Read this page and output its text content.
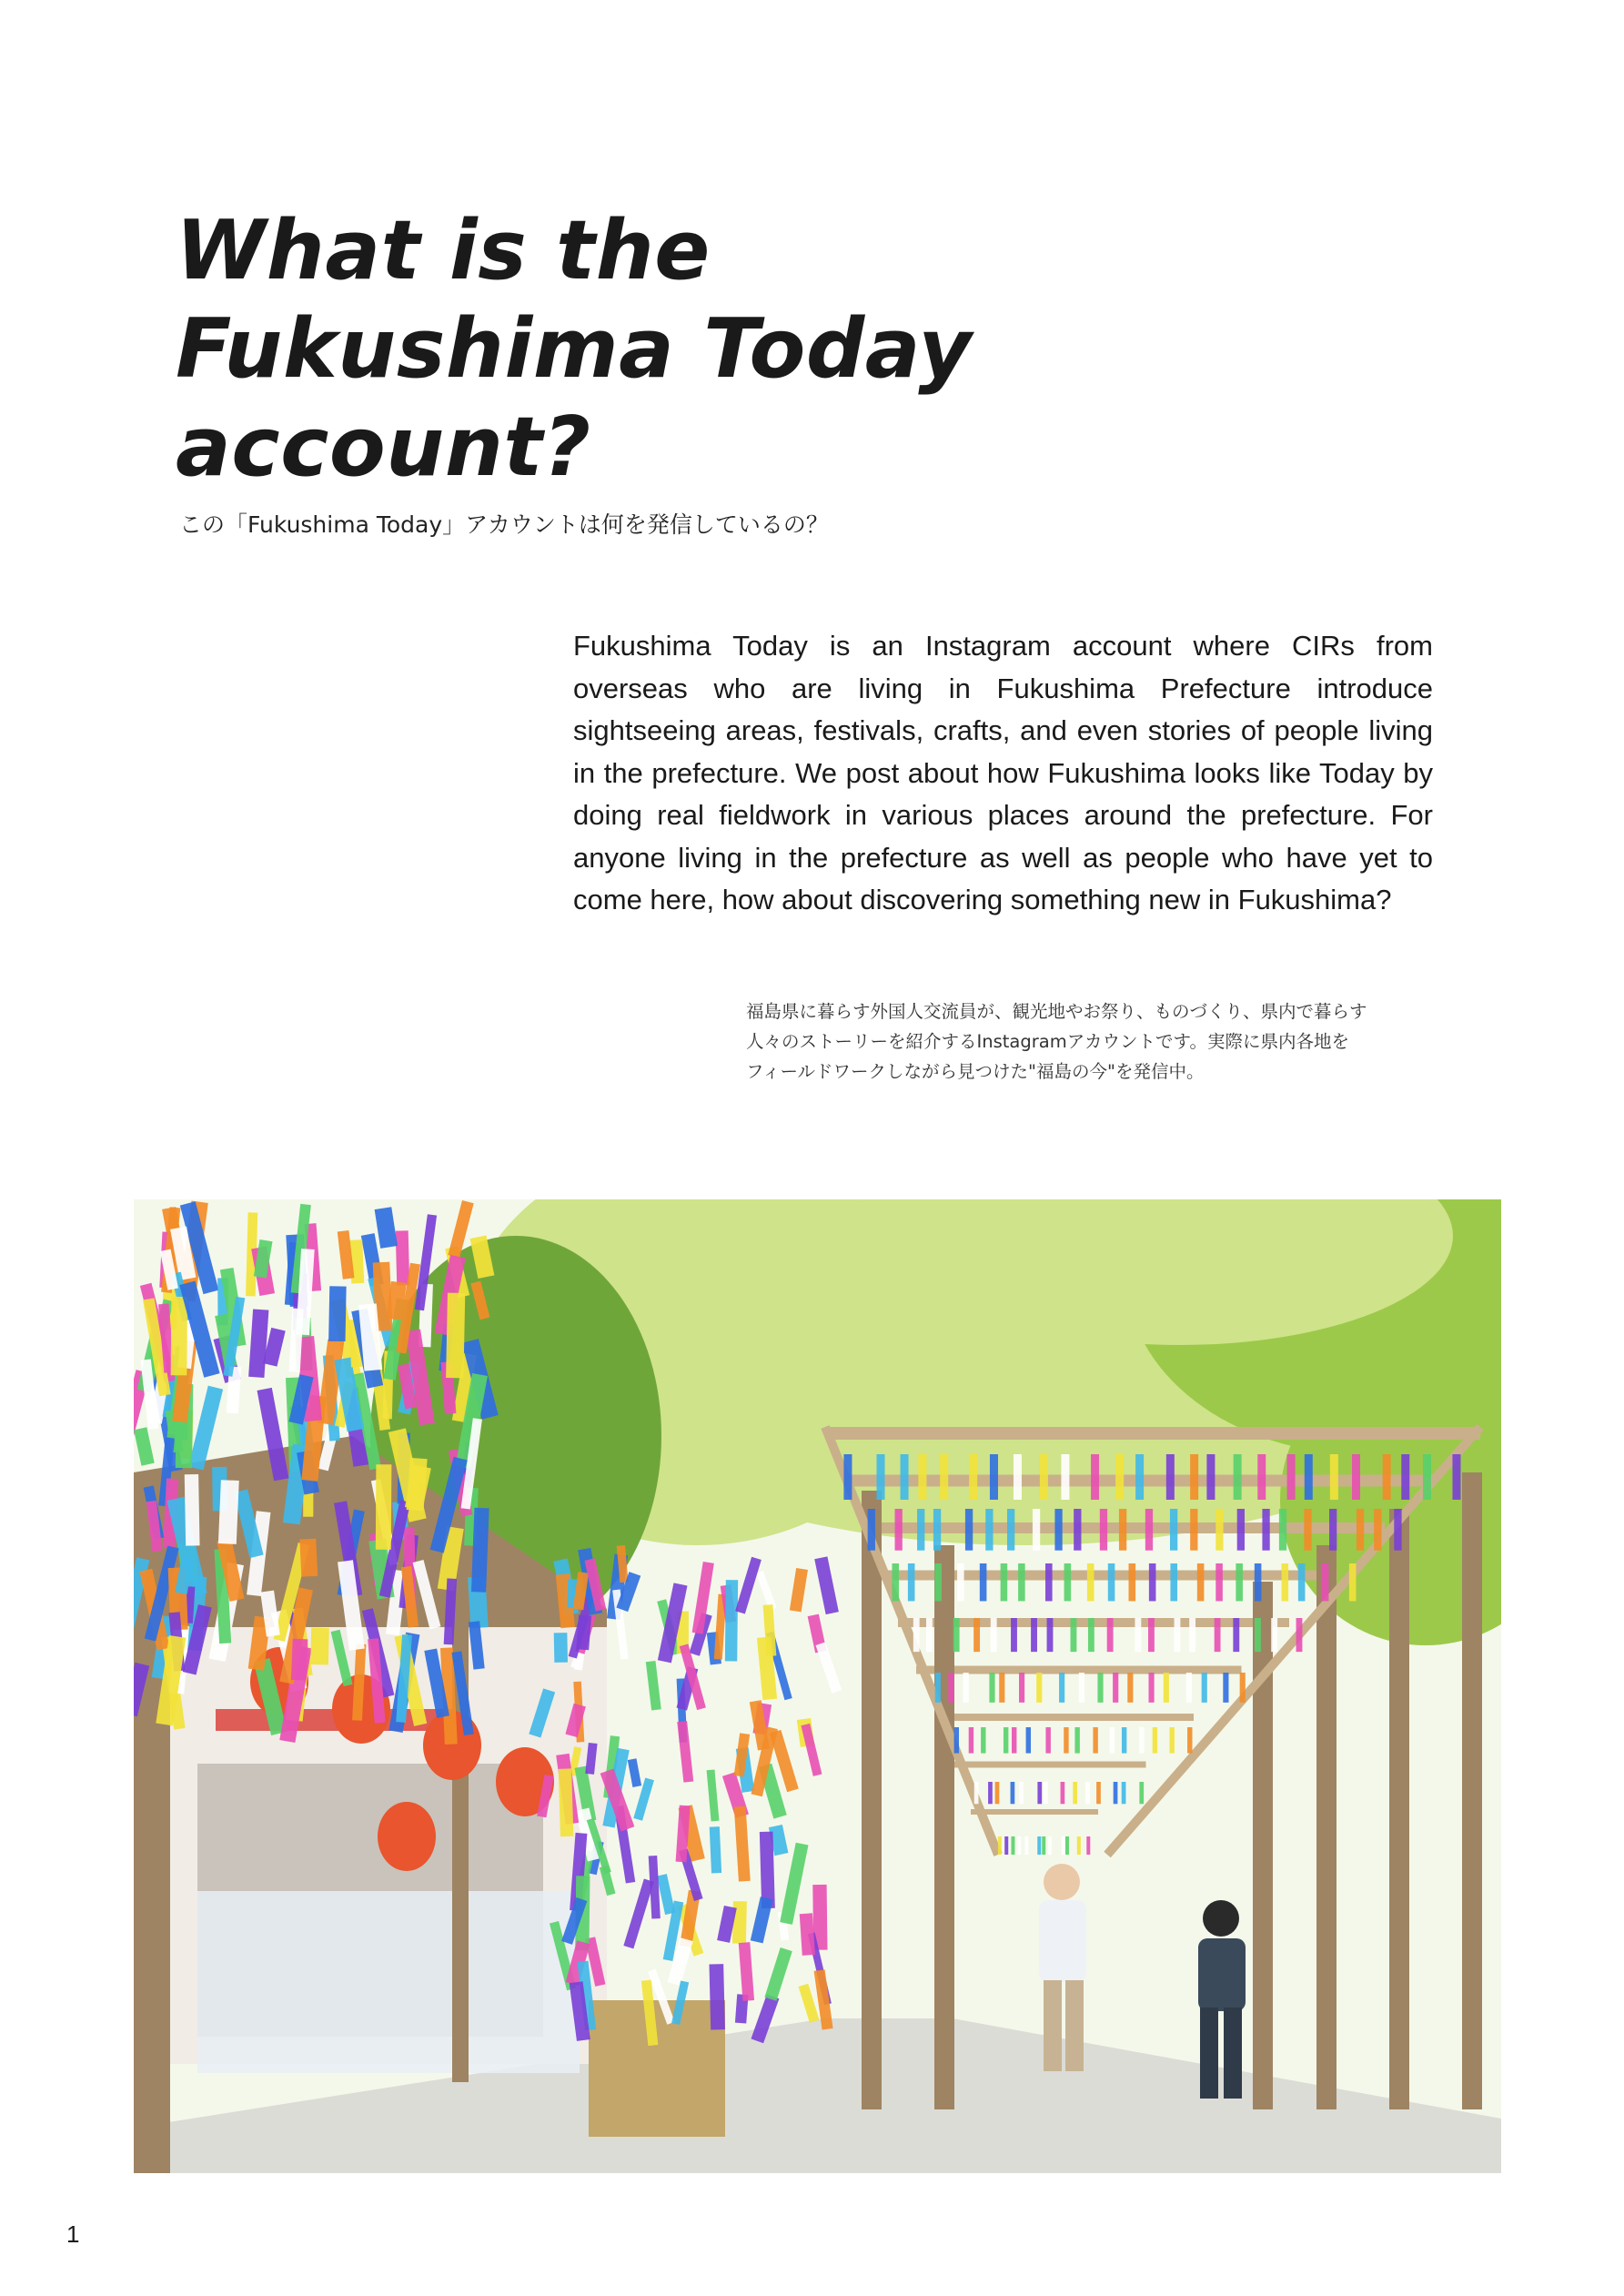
What is the
Fukushima Today
account?
この「Fukushima Today」アカウントは何を発信しているの？

Fukushima Today is an Instagram account where CIRs from overseas who are living in Fukushima Prefecture introduce sightseeing areas, festivals, crafts, and even stories of people living in the prefecture. We post about how Fukushima looks like Today by doing real fieldwork in various places around the prefecture. For anyone living in the prefecture as well as people who have yet to come here, how about discovering something new in Fukushima?

福島県に暮らす外国人交流員が、観光地やお祭り、ものづくり、県内で暮らす
人々のストーリーを紹介するInstagramアカウントです。実際に県内各地を
フィールドワークしながら見つけた"福島の今"を発信中。
1
